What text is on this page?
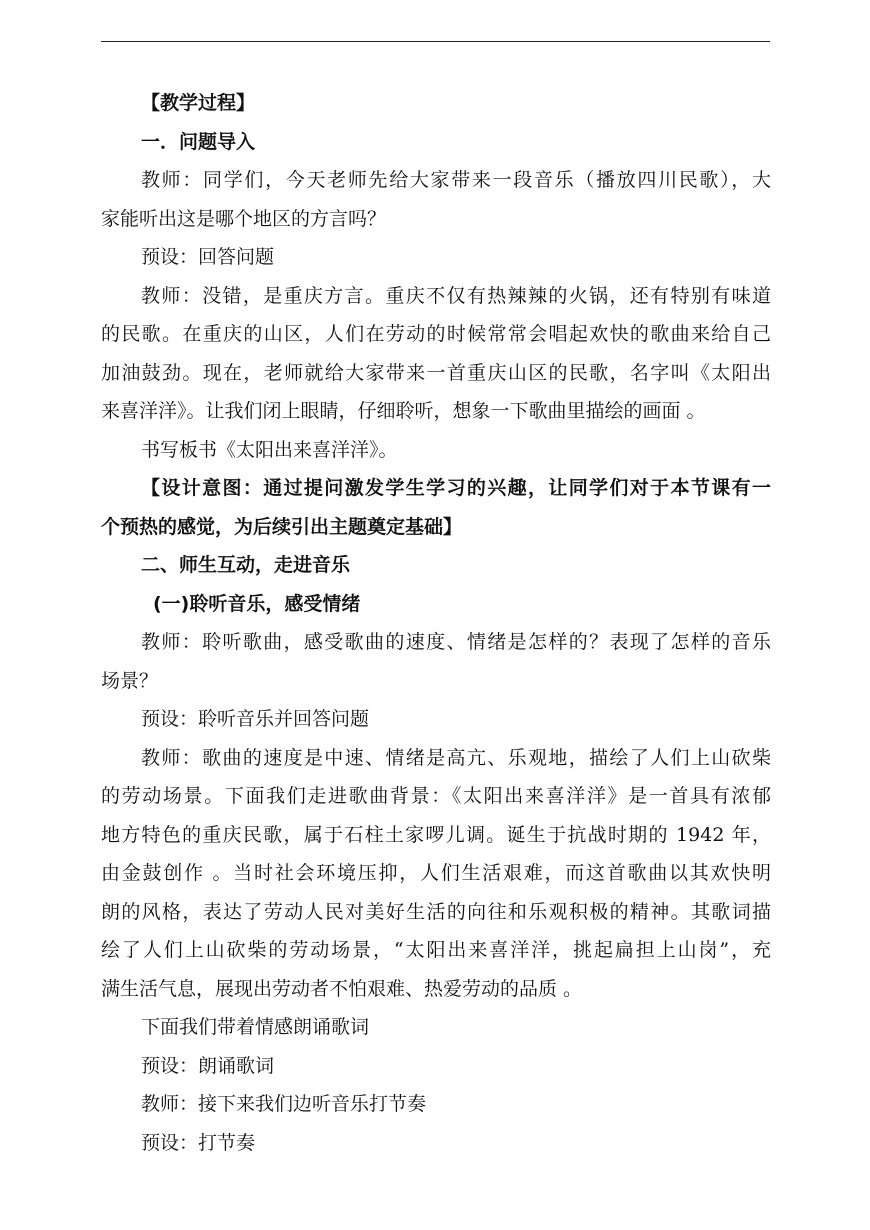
【教学过程】
一．问题导入
教师：同学们，今天老师先给大家带来一段音乐（播放四川民歌），大
家能听出这是哪个地区的方言吗？
预设：回答问题
教师：没错，是重庆方言。重庆不仅有热辣辣的火锅，还有特别有味道
的民歌。在重庆的山区，人们在劳动的时候常常会唱起欢快的歌曲来给自己
加油鼓劲。现在，老师就给大家带来一首重庆山区的民歌，名字叫《太阳出
来喜洋洋》。让我们闭上眼睛，仔细聆听，想象一下歌曲里描绘的画面 。
书写板书《太阳出来喜洋洋》。
【设计意图：通过提问激发学生学习的兴趣，让同学们对于本节课有一
个预热的感觉，为后续引出主题奠定基础】
二、师生互动，走进音乐
(一)聆听音乐，感受情绪
教师：聆听歌曲，感受歌曲的速度、情绪是怎样的？表现了怎样的音乐
场景？
预设：聆听音乐并回答问题
教师：歌曲的速度是中速、情绪是高亢、乐观地，描绘了人们上山砍柴
的劳动场景。下面我们走进歌曲背景：《太阳出来喜洋洋》是一首具有浓郁
地方特色的重庆民歌，属于石柱土家啰儿调。诞生于抗战时期的 1942 年，
由金鼓创作 。当时社会环境压抑，人们生活艰难，而这首歌曲以其欢快明
朗的风格，表达了劳动人民对美好生活的向往和乐观积极的精神。其歌词描
绘了人们上山砍柴的劳动场景，“太阳出来喜洋洋，挑起扁担上山岗”，充
满生活气息，展现出劳动者不怕艰难、热爱劳动的品质 。
下面我们带着情感朗诵歌词
预设：朗诵歌词
教师：接下来我们边听音乐打节奏
预设：打节奏
